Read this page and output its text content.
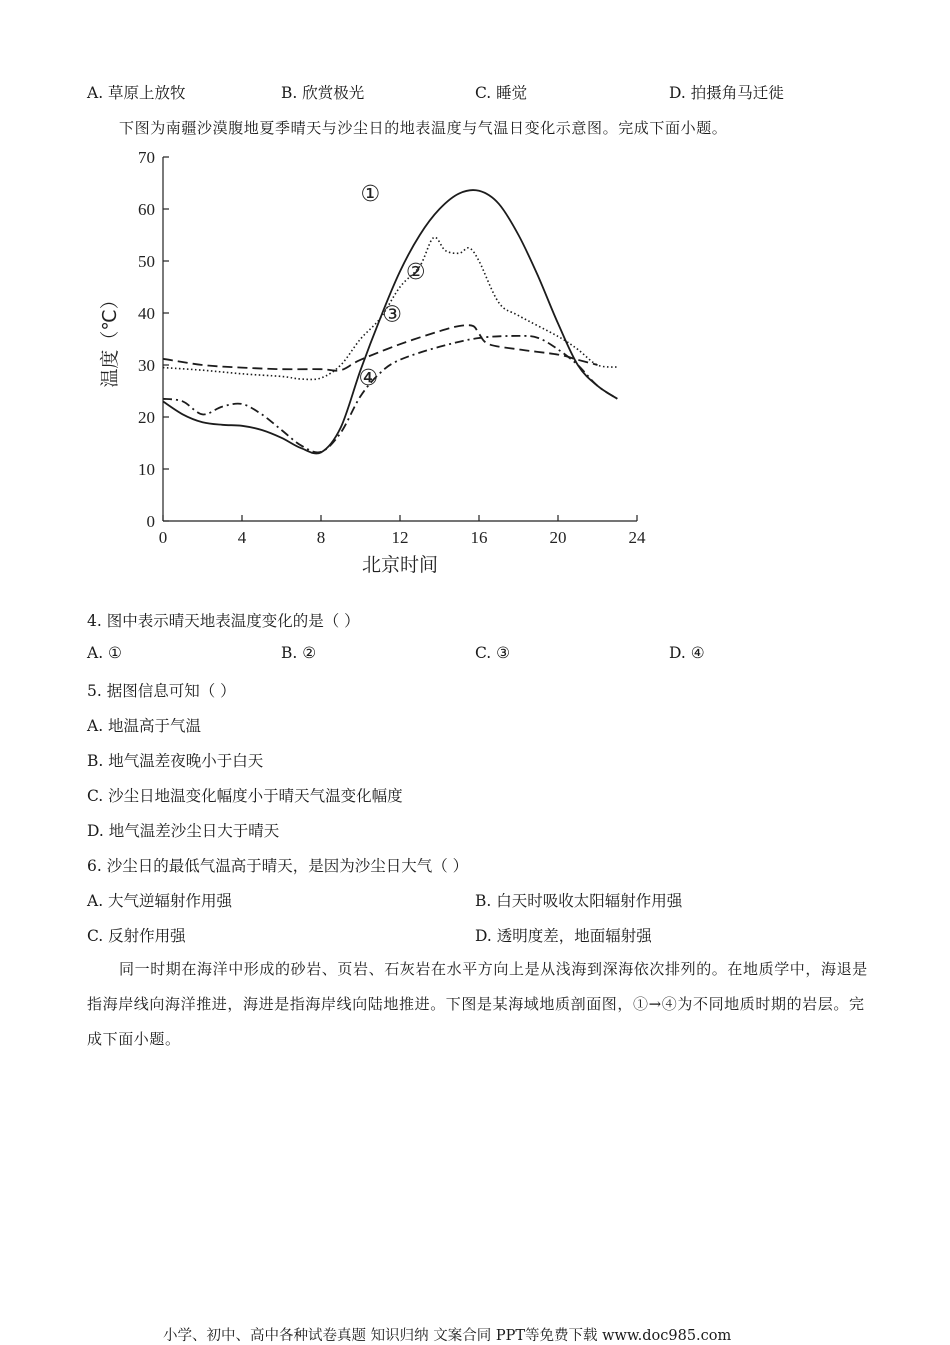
A. 草原上放牧	B. 欣赏极光	C. 睡觉	D. 拍摄角马迁徙
下图为南疆沙漠腹地夏季晴天与沙尘日的地表温度与气温日变化示意图。完成下面小题。
0
10
20
30
40
50
60
70
0	4	8	12	16	20	24
北京时间
温度（℃）
①
②
③
④
4. 图中表示晴天地表温度变化的是（ ）
A. ①	B. ②	C. ③	D. ④
5. 据图信息可知（ ）
A. 地温高于气温
B. 地气温差夜晚小于白天
C. 沙尘日地温变化幅度小于晴天气温变化幅度
D. 地气温差沙尘日大于晴天
6. 沙尘日的最低气温高于晴天，是因为沙尘日大气（ ）
A. 大气逆辐射作用强	B. 白天时吸收太阳辐射作用强
C. 反射作用强	D. 透明度差，地面辐射强
同一时期在海洋中形成的砂岩、页岩、石灰岩在水平方向上是从浅海到深海依次排列的。在地质学中，海退是指海岸线向海洋推进，海进是指海岸线向陆地推进。下图是某海域地质剖面图，①→④为不同地质时期的岩层。完成下面小题。
小学、初中、高中各种试卷真题 知识归纳 文案合同 PPT等免费下载 www.doc985.com
